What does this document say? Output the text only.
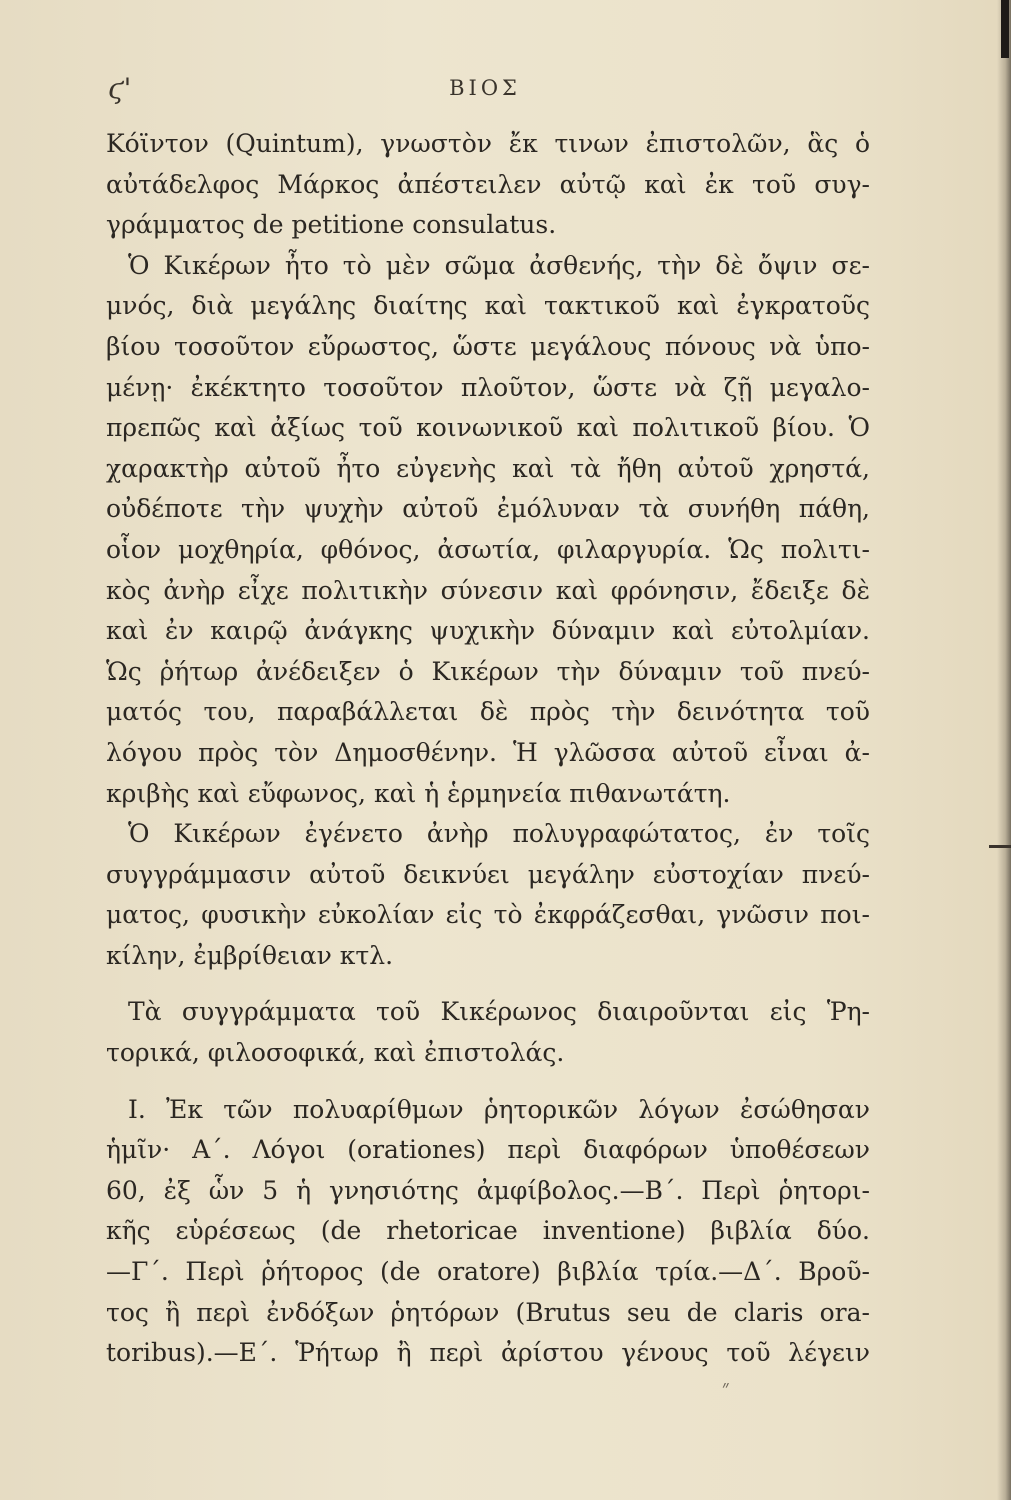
ϛ'	ΒΙΟΣ
Κόϊντον (Quintum), γνωστὸν ἔκ τινων ἐπιστολῶν, ἃς ὁ
αὐτάδελφος Μάρκος ἀπέστειλεν αὐτῷ καὶ ἐκ τοῦ συγ-
γράμματος de petitione consulatus.
Ὁ Κικέρων ἦτο τὸ μὲν σῶμα ἀσθενής, τὴν δὲ ὄψιν σε-
μνός, διὰ μεγάλης διαίτης καὶ τακτικοῦ καὶ ἐγκρατοῦς
βίου τοσοῦτον εὔρωστος, ὥστε μεγάλους πόνους νὰ ὑπο-
μένῃ· ἐκέκτητο τοσοῦτον πλοῦτον, ὥστε νὰ ζῇ μεγαλο-
πρεπῶς καὶ ἀξίως τοῦ κοινωνικοῦ καὶ πολιτικοῦ βίου. Ὁ
χαρακτὴρ αὐτοῦ ἦτο εὐγενὴς καὶ τὰ ἤθη αὐτοῦ χρηστά,
οὐδέποτε τὴν ψυχὴν αὐτοῦ ἐμόλυναν τὰ συνήθη πάθη,
οἷον μοχθηρία, φθόνος, ἀσωτία, φιλαργυρία. Ὡς πολιτι-
κὸς ἀνὴρ εἶχε πολιτικὴν σύνεσιν καὶ φρόνησιν, ἔδειξε δὲ
καὶ ἐν καιρῷ ἀνάγκης ψυχικὴν δύναμιν καὶ εὐτολμίαν.
Ὡς ῥήτωρ ἀνέδειξεν ὁ Κικέρων τὴν δύναμιν τοῦ πνεύ-
ματός του, παραβάλλεται δὲ πρὸς τὴν δεινότητα τοῦ
λόγου πρὸς τὸν Δημοσθένην. Ἡ γλῶσσα αὐτοῦ εἶναι ἀ-
κριβὴς καὶ εὔφωνος, καὶ ἡ ἑρμηνεία πιθανωτάτη.
Ὁ Κικέρων ἐγένετο ἀνὴρ πολυγραφώτατος, ἐν τοῖς
συγγράμμασιν αὐτοῦ δεικνύει μεγάλην εὐστοχίαν πνεύ-
ματος, φυσικὴν εὐκολίαν εἰς τὸ ἐκφράζεσθαι, γνῶσιν ποι-
κίλην, ἐμβρίθειαν κτλ.
Τὰ συγγράμματα τοῦ Κικέρωνος διαιροῦνται εἰς Ῥη-
τορικά, φιλοσοφικά, καὶ ἐπιστολάς.
I. Ἐκ τῶν πολυαρίθμων ῥητορικῶν λόγων ἐσώθησαν
ἡμῖν· Α΄. Λόγοι (orationes) περὶ διαφόρων ὑποθέσεων
60, ἐξ ὧν 5 ἡ γνησιότης ἀμφίβολος.—Β΄. Περὶ ῥητορι-
κῆς εὑρέσεως (de rhetoricae inventione) βιβλία δύο.
—Γ΄. Περὶ ῥήτορος (de oratore) βιβλία τρία.—Δ΄. Βροῦ-
τος ἢ περὶ ἐνδόξων ῥητόρων (Brutus seu de claris ora-
toribus).—Ε΄. Ῥήτωρ ἢ περὶ ἀρίστου γένους τοῦ λέγειν
״
